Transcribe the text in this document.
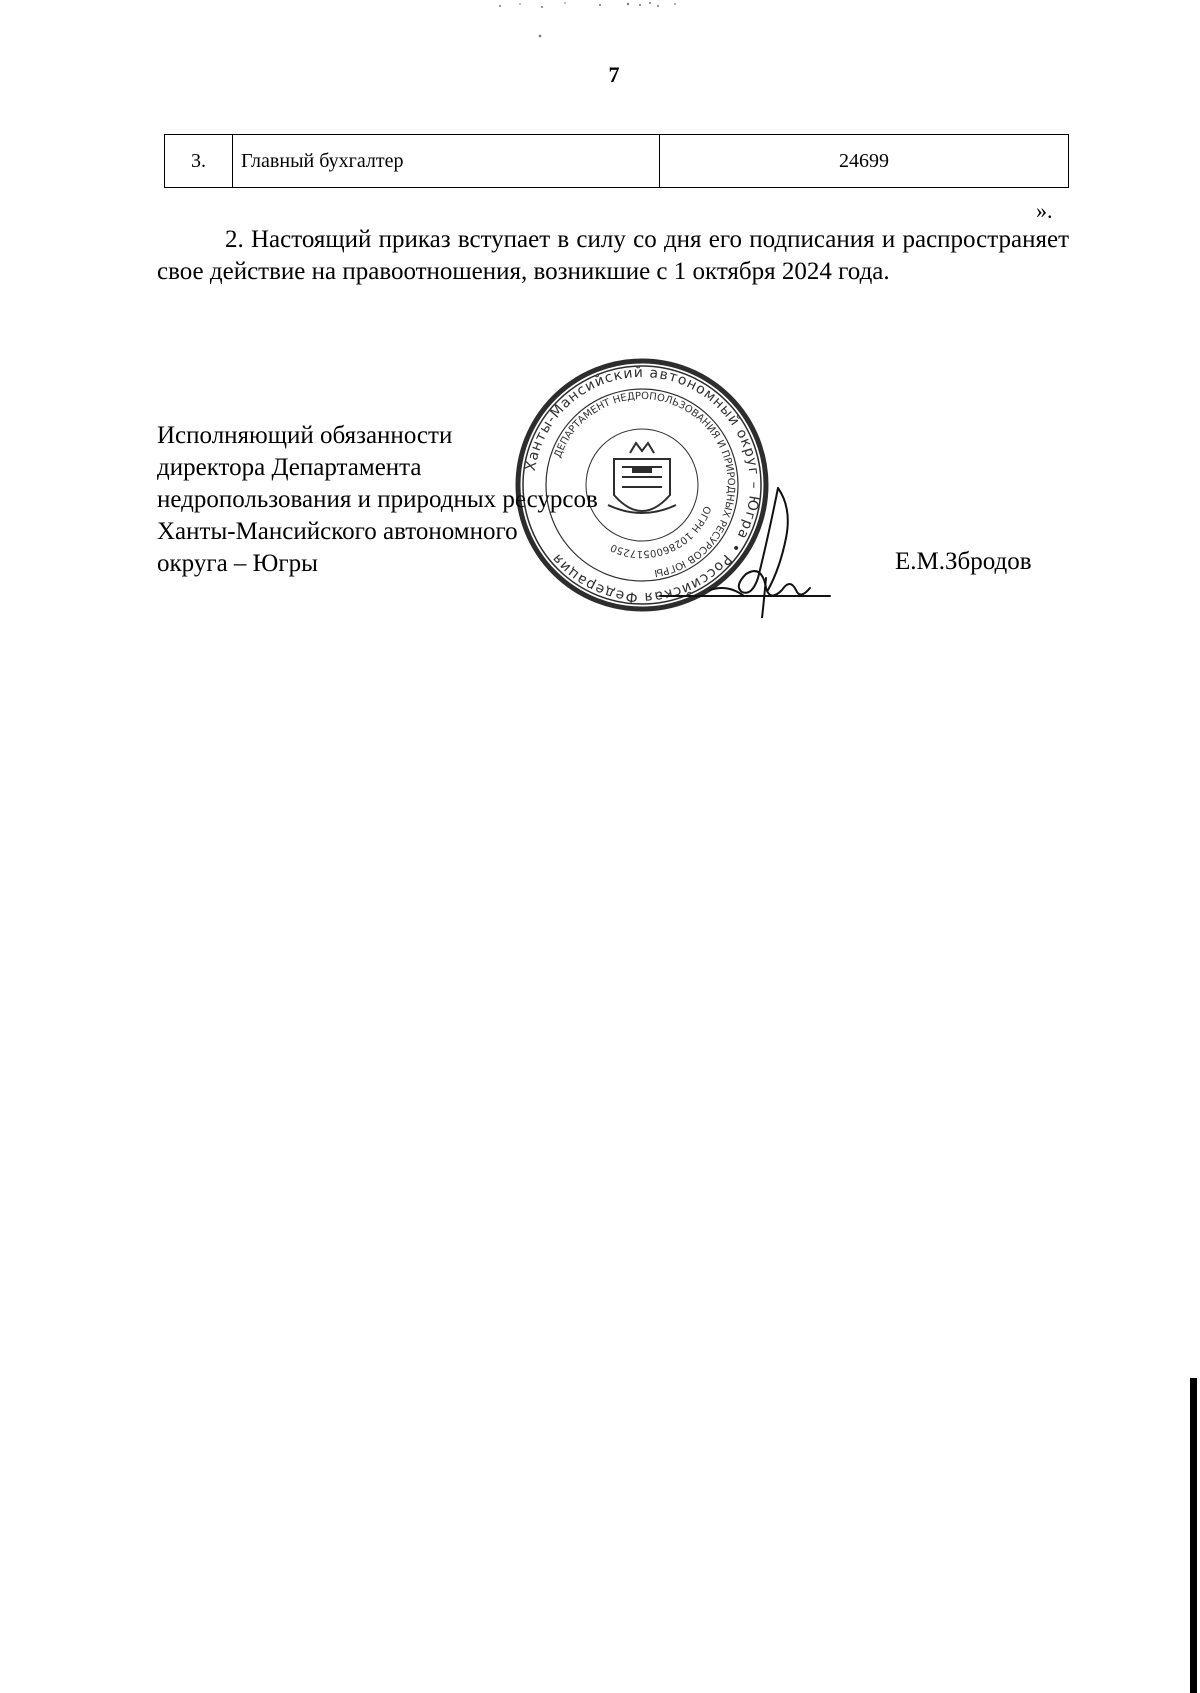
7
3.	Главный бухгалтер	24699
».

2. Настоящий приказ вступает в силу со дня его подписания и распространяет свое действие на правоотношения, возникшие с 1 октября 2024 года.

Исполняющий обязанности
директора Департамента
недропользования и природных ресурсов
Ханты-Мансийского автономного
округа – Югры	Е.М.Збродов
Ханты-Мансийский автономный округ – Югра • Российская Федерация
ДЕПАРТАМЕНТ НЕДРОПОЛЬЗОВАНИЯ И ПРИРОДНЫХ РЕСУРСОВ ЮГРЫ
ОГРН 1028600517250
